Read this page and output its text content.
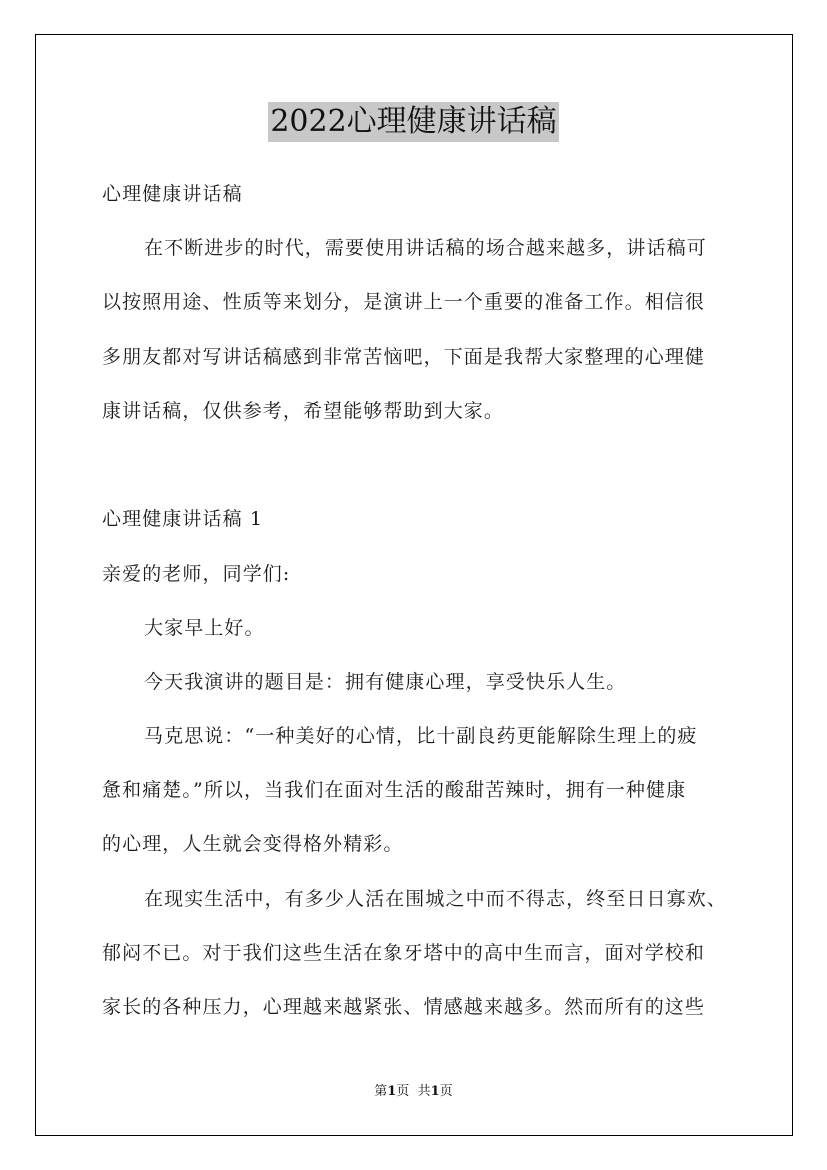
2022心理健康讲话稿
心理健康讲话稿
在不断进步的时代，需要使用讲话稿的场合越来越多，讲话稿可
以按照用途、性质等来划分，是演讲上一个重要的准备工作。相信很
多朋友都对写讲话稿感到非常苦恼吧，下面是我帮大家整理的心理健
康讲话稿，仅供参考，希望能够帮助到大家。
心理健康讲话稿 1
亲爱的老师，同学们:
大家早上好。
今天我演讲的题目是：拥有健康心理，享受快乐人生。
马克思说：“一种美好的心情，比十副良药更能解除生理上的疲
惫和痛楚。”所以，当我们在面对生活的酸甜苦辣时，拥有一种健康
的心理，人生就会变得格外精彩。
在现实生活中，有多少人活在围城之中而不得志，终至日日寡欢、
郁闷不已。对于我们这些生活在象牙塔中的高中生而言，面对学校和
家长的各种压力，心理越来越紧张、情感越来越多。然而所有的这些
第1页 共1页
